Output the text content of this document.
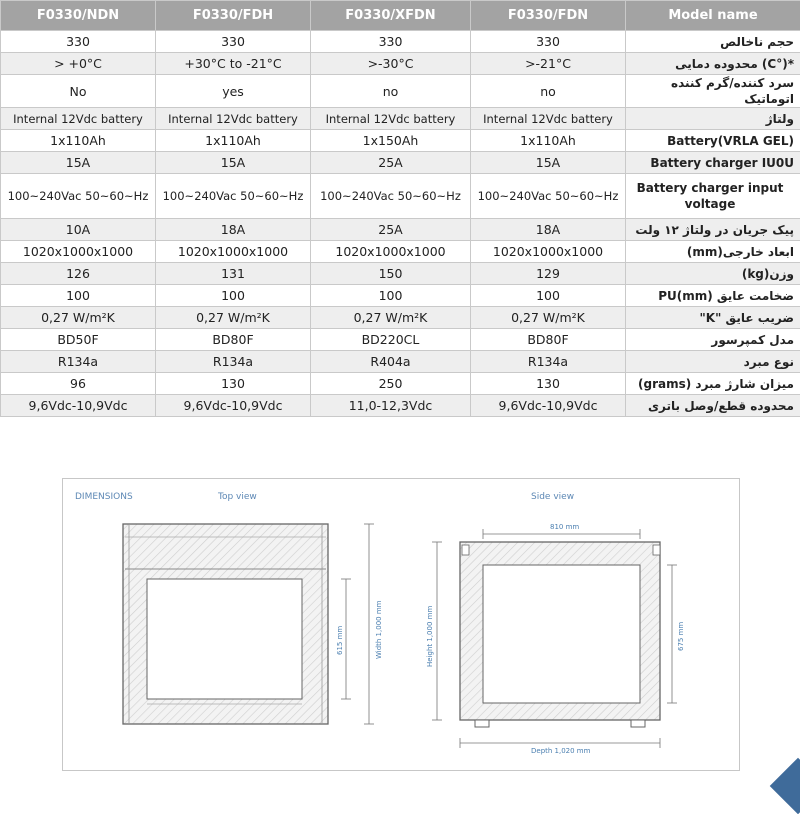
F0330/NDN	F0330/FDH	F0330/XFDN	F0330/FDN	Model name
330	330	330	330	حجم ناخالص
> +0°C	+30°C to -21°C	>-30°C	>-21°C	*(°C) محدوده دمایی
No	yes	no	no	سرد کننده/گرم کننده اتوماتیک
Internal 12Vdc battery	Internal 12Vdc battery	Internal 12Vdc battery	Internal 12Vdc battery	ولتاژ
1x110Ah	1x110Ah	1x150Ah	1x110Ah	Battery(VRLA GEL)
15A	15A	25A	15A	Battery charger IU0U
100~240Vac 50~60~Hz	100~240Vac 50~60~Hz	100~240Vac 50~60~Hz	100~240Vac 50~60~Hz	Battery charger input voltage
10A	18A	25A	18A	پیک جریان در ولتاژ ۱۲ ولت
1020x1000x1000	1020x1000x1000	1020x1000x1000	1020x1000x1000	ابعاد خارجی(mm)
126	131	150	129	وزن(kg)
100	100	100	100	ضخامت عایق PU(mm)
0,27 W/m²K	0,27 W/m²K	0,27 W/m²K	0,27 W/m²K	ضریب عایق "K"
BD50F	BD80F	BD220CL	BD80F	مدل کمپرسور
R134a	R134a	R404a	R134a	نوع مبرد
96	130	250	130	میزان شارژ مبرد (grams)
9,6Vdc-10,9Vdc	9,6Vdc-10,9Vdc	11,0-12,3Vdc	9,6Vdc-10,9Vdc	محدوده قطع/وصل باتری
DIMENSIONS	Top view	Side view
615 mm	Width 1,000 mm
810 mm
Height 1,000 mm	675 mm
Depth 1,020 mm
